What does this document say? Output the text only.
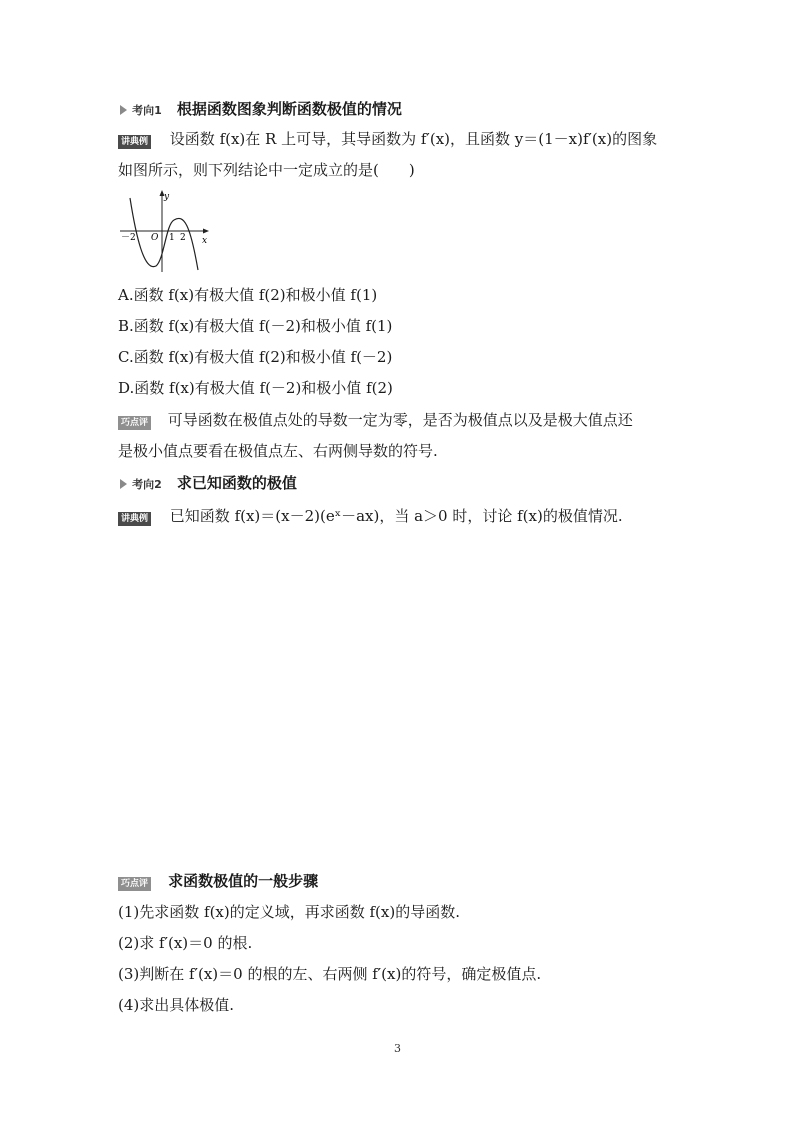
考向1 根据函数图象判断函数极值的情况
讲典例 设函数 f(x)在 R 上可导，其导函数为 f′(x)，且函数 y＝(1－x)f′(x)的图象
如图所示，则下列结论中一定成立的是(　　)
y
x
－2 O 1 2
A.函数 f(x)有极大值 f(2)和极小值 f(1)
B.函数 f(x)有极大值 f(－2)和极小值 f(1)
C.函数 f(x)有极大值 f(2)和极小值 f(－2)
D.函数 f(x)有极大值 f(－2)和极小值 f(2)
巧点评 可导函数在极值点处的导数一定为零，是否为极值点以及是极大值点还
是极小值点要看在极值点左、右两侧导数的符号.
考向2 求已知函数的极值
讲典例 已知函数 f(x)＝(x－2)(eˣ－ax)，当 a＞0 时，讨论 f(x)的极值情况.
巧点评 求函数极值的一般步骤
(1)先求函数 f(x)的定义域，再求函数 f(x)的导函数.
(2)求 f′(x)＝0 的根.
(3)判断在 f′(x)＝0 的根的左、右两侧 f′(x)的符号，确定极值点.
(4)求出具体极值.
3
